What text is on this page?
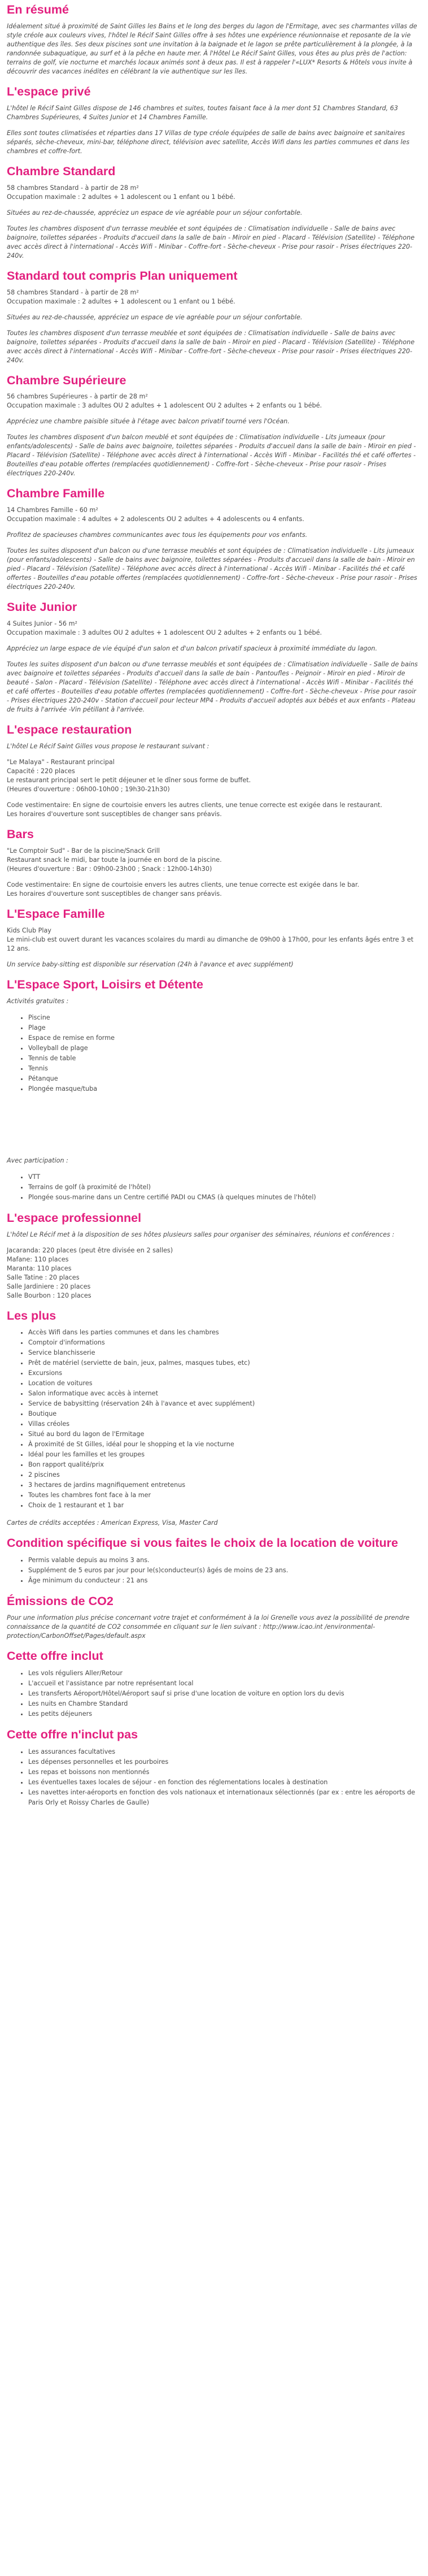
En résumé

Idéalement situé à proximité de Saint Gilles les Bains et le long des berges du lagon de l'Ermitage, avec ses charmantes villas de style créole aux couleurs vives, l'hôtel le Récif Saint Gilles offre à ses hôtes une expérience réunionnaise et reposante de la vie authentique des îles. Ses deux piscines sont une invitation à la baignade et le lagon se prête particulièrement à la plongée, à la randonnée subaquatique, au surf et à la pêche en haute mer. À l'Hôtel Le Récif Saint Gilles, vous êtes au plus près de l'action: terrains de golf, vie nocturne et marchés locaux animés sont à deux pas. Il est à rappeler l'«LUX* Resorts & Hôtels vous invite à découvrir des vacances inédites en célébrant la vie authentique sur les îles.

L'espace privé

L'hôtel le Récif Saint Gilles dispose de 146 chambres et suites, toutes faisant face à la mer dont 51 Chambres Standard, 63 Chambres Supérieures, 4 Suites Junior et 14 Chambres Famille.

Elles sont toutes climatisées et réparties dans 17 Villas de type créole équipées de salle de bains avec baignoire et sanitaires séparés, sèche-cheveux, mini-bar, téléphone direct, télévision avec satellite, Accès Wifi dans les parties communes et dans les chambres et coffre-fort.

Chambre Standard

58 chambres Standard - à partir de 28 m²
Occupation maximale : 2 adultes + 1 adolescent ou 1 enfant ou 1 bébé.

Situées au rez-de-chaussée, appréciez un espace de vie agréable pour un séjour confortable.

Toutes les chambres disposent d'un terrasse meublée et sont équipées de : Climatisation individuelle - Salle de bains avec baignoire, toilettes séparées - Produits d'accueil dans la salle de bain - Miroir en pied - Placard - Télévision (Satellite) - Téléphone avec accès direct à l'international - Accès Wifi - Minibar - Coffre-fort - Sèche-cheveux - Prise pour rasoir - Prises électriques 220-240v.

Standard tout compris Plan uniquement

58 chambres Standard - à partir de 28 m²
Occupation maximale : 2 adultes + 1 adolescent ou 1 enfant ou 1 bébé.

Situées au rez-de-chaussée, appréciez un espace de vie agréable pour un séjour confortable.

Toutes les chambres disposent d'un terrasse meublée et sont équipées de : Climatisation individuelle - Salle de bains avec baignoire, toilettes séparées - Produits d'accueil dans la salle de bain - Miroir en pied - Placard - Télévision (Satellite) - Téléphone avec accès direct à l'international - Accès Wifi - Minibar - Coffre-fort - Sèche-cheveux - Prise pour rasoir - Prises électriques 220-240v.

Chambre Supérieure

56 chambres Supérieures - à partir de 28 m²
Occupation maximale : 3 adultes OU 2 adultes + 1 adolescent OU 2 adultes + 2 enfants ou 1 bébé.

Appréciez une chambre paisible située à l'étage avec balcon privatif tourné vers l'Océan.

Toutes les chambres disposent d'un balcon meublé et sont équipées de : Climatisation individuelle - Lits jumeaux (pour enfants/adolescents) - Salle de bains avec baignoire, toilettes séparées - Produits d'accueil dans la salle de bain - Miroir en pied - Placard - Télévision (Satellite) - Téléphone avec accès direct à l'international - Accès Wifi - Minibar - Facilités thé et café offertes - Bouteilles d'eau potable offertes (remplacées quotidiennement) - Coffre-fort - Sèche-cheveux - Prise pour rasoir - Prises électriques 220-240v.

Chambre Famille

14 Chambres Famille - 60 m²
Occupation maximale : 4 adultes + 2 adolescents OU 2 adultes + 4 adolescents ou 4 enfants.

Profitez de spacieuses chambres communicantes avec tous les équipements pour vos enfants.

Toutes les suites disposent d'un balcon ou d'une terrasse meublés et sont équipées de : Climatisation individuelle - Lits jumeaux (pour enfants/adolescents) - Salle de bains avec baignoire, toilettes séparées - Produits d'accueil dans la salle de bain - Miroir en pied - Placard - Télévision (Satellite) - Téléphone avec accès direct à l'international - Accès Wifi - Minibar - Facilités thé et café offertes - Bouteilles d'eau potable offertes (remplacées quotidiennement) - Coffre-fort - Sèche-cheveux - Prise pour rasoir - Prises électriques 220-240v.

Suite Junior

4 Suites Junior - 56 m²
Occupation maximale : 3 adultes OU 2 adultes + 1 adolescent OU 2 adultes + 2 enfants ou 1 bébé.

Appréciez un large espace de vie équipé d'un salon et d'un balcon privatif spacieux à proximité immédiate du lagon.

Toutes les suites disposent d'un balcon ou d'une terrasse meublés et sont équipées de : Climatisation individuelle - Salle de bains avec baignoire et toilettes séparées - Produits d'accueil dans la salle de bain - Pantoufles - Peignoir - Miroir en pied - Miroir de beauté - Salon - Placard - Télévision (Satellite) - Téléphone avec accès direct à l'international - Accès Wifi - Minibar - Facilités thé et café offertes - Bouteilles d'eau potable offertes (remplacées quotidiennement) - Coffre-fort - Sèche-cheveux - Prise pour rasoir - Prises électriques 220-240v - Station d'accueil pour lecteur MP4 - Produits d'accueil adoptés aux bébés et aux enfants - Plateau de fruits à l'arrivée -Vin pétillant à l'arrivée.

L'espace restauration

L'hôtel Le Récif Saint Gilles vous propose le restaurant suivant :

"Le Malaya" - Restaurant principal
Capacité : 220 places
Le restaurant principal sert le petit déjeuner et le dîner sous forme de buffet.
(Heures d'ouverture : 06h00-10h00 ; 19h30-21h30)

Code vestimentaire: En signe de courtoisie envers les autres clients, une tenue correcte est exigée dans le restaurant.
Les horaires d'ouverture sont susceptibles de changer sans préavis.

Bars

"Le Comptoir Sud" - Bar de la piscine/Snack Grill
Restaurant snack le midi, bar toute la journée en bord de la piscine.
(Heures d'ouverture : Bar : 09h00-23h00 ; Snack : 12h00-14h30)

Code vestimentaire: En signe de courtoisie envers les autres clients, une tenue correcte est exigée dans le bar.
Les horaires d'ouverture sont susceptibles de changer sans préavis.

L'Espace Famille

Kids Club Play
Le mini-club est ouvert durant les vacances scolaires du mardi au dimanche de 09h00 à 17h00, pour les enfants âgés entre 3 et 12 ans.

Un service baby-sitting est disponible sur réservation (24h à l'avance et avec supplément)

L'Espace Sport, Loisirs et Détente

Activités gratuites :

• Piscine
• Plage
• Espace de remise en forme
• Volleyball de plage
• Tennis de table
• Tennis
• Pétanque
• Plongée masque/tuba

Avec participation :

• VTT
• Terrains de golf (à proximité de l'hôtel)
• Plongée sous-marine dans un Centre certifié PADI ou CMAS (à quelques minutes de l'hôtel)
L'espace professionnel

L'hôtel Le Récif met à la disposition de ses hôtes plusieurs salles pour organiser des séminaires, réunions et conférences :

Jacaranda: 220 places (peut être divisée en 2 salles)
Mafane: 110 places
Maranta: 110 places
Salle Tatine : 20 places
Salle Jardiniere : 20 places
Salle Bourbon : 120 places

Les plus
• Accès Wifi dans les parties communes et dans les chambres
• Comptoir d'informations
• Service blanchisserie
• Prêt de matériel (serviette de bain, jeux, palmes, masques tubes, etc)
• Excursions
• Location de voitures
• Salon informatique avec accès à internet
• Service de babysitting (réservation 24h à l'avance et avec supplément)
• Boutique
• Villas créoles
• Situé au bord du lagon de l'Ermitage
• À proximité de St Gilles, idéal pour le shopping et la vie nocturne
• Idéal pour les familles et les groupes
• Bon rapport qualité/prix
• 2 piscines
• 3 hectares de jardins magnifiquement entretenus
• Toutes les chambres font face à la mer
• Choix de 1 restaurant et 1 bar

Cartes de crédits acceptées : American Express, Visa, Master Card

Condition spécifique si vous faites le choix de la location de voiture
• Permis valable depuis au moins 3 ans.
• Supplément de 5 euros par jour pour le(s)conducteur(s) âgés de moins de 23 ans.
• Âge minimum du conducteur : 21 ans
Émissions de CO2

Pour une information plus précise concernant votre trajet et conformément à la loi Grenelle vous avez la possibilité de prendre connaissance de la quantité de CO2 consommée en cliquant sur le lien suivant : http://www.icao.int /environmental-protection/CarbonOffset/Pages/default.aspx

Cette offre inclut
• Les vols réguliers Aller/Retour
• L'accueil et l'assistance par notre représentant local
• Les transferts Aéroport/Hôtel/Aéroport sauf si prise d'une location de voiture en option lors du devis
• Les nuits en Chambre Standard
• Les petits déjeuners
Cette offre n'inclut pas
• Les assurances facultatives
• Les dépenses personnelles et les pourboires
• Les repas et boissons non mentionnés
• Les éventuelles taxes locales de séjour - en fonction des réglementations locales à destination
• Les navettes inter-aéroports en fonction des vols nationaux et internationaux sélectionnés (par ex : entre les aéroports de Paris Orly et Roissy Charles de Gaulle)
